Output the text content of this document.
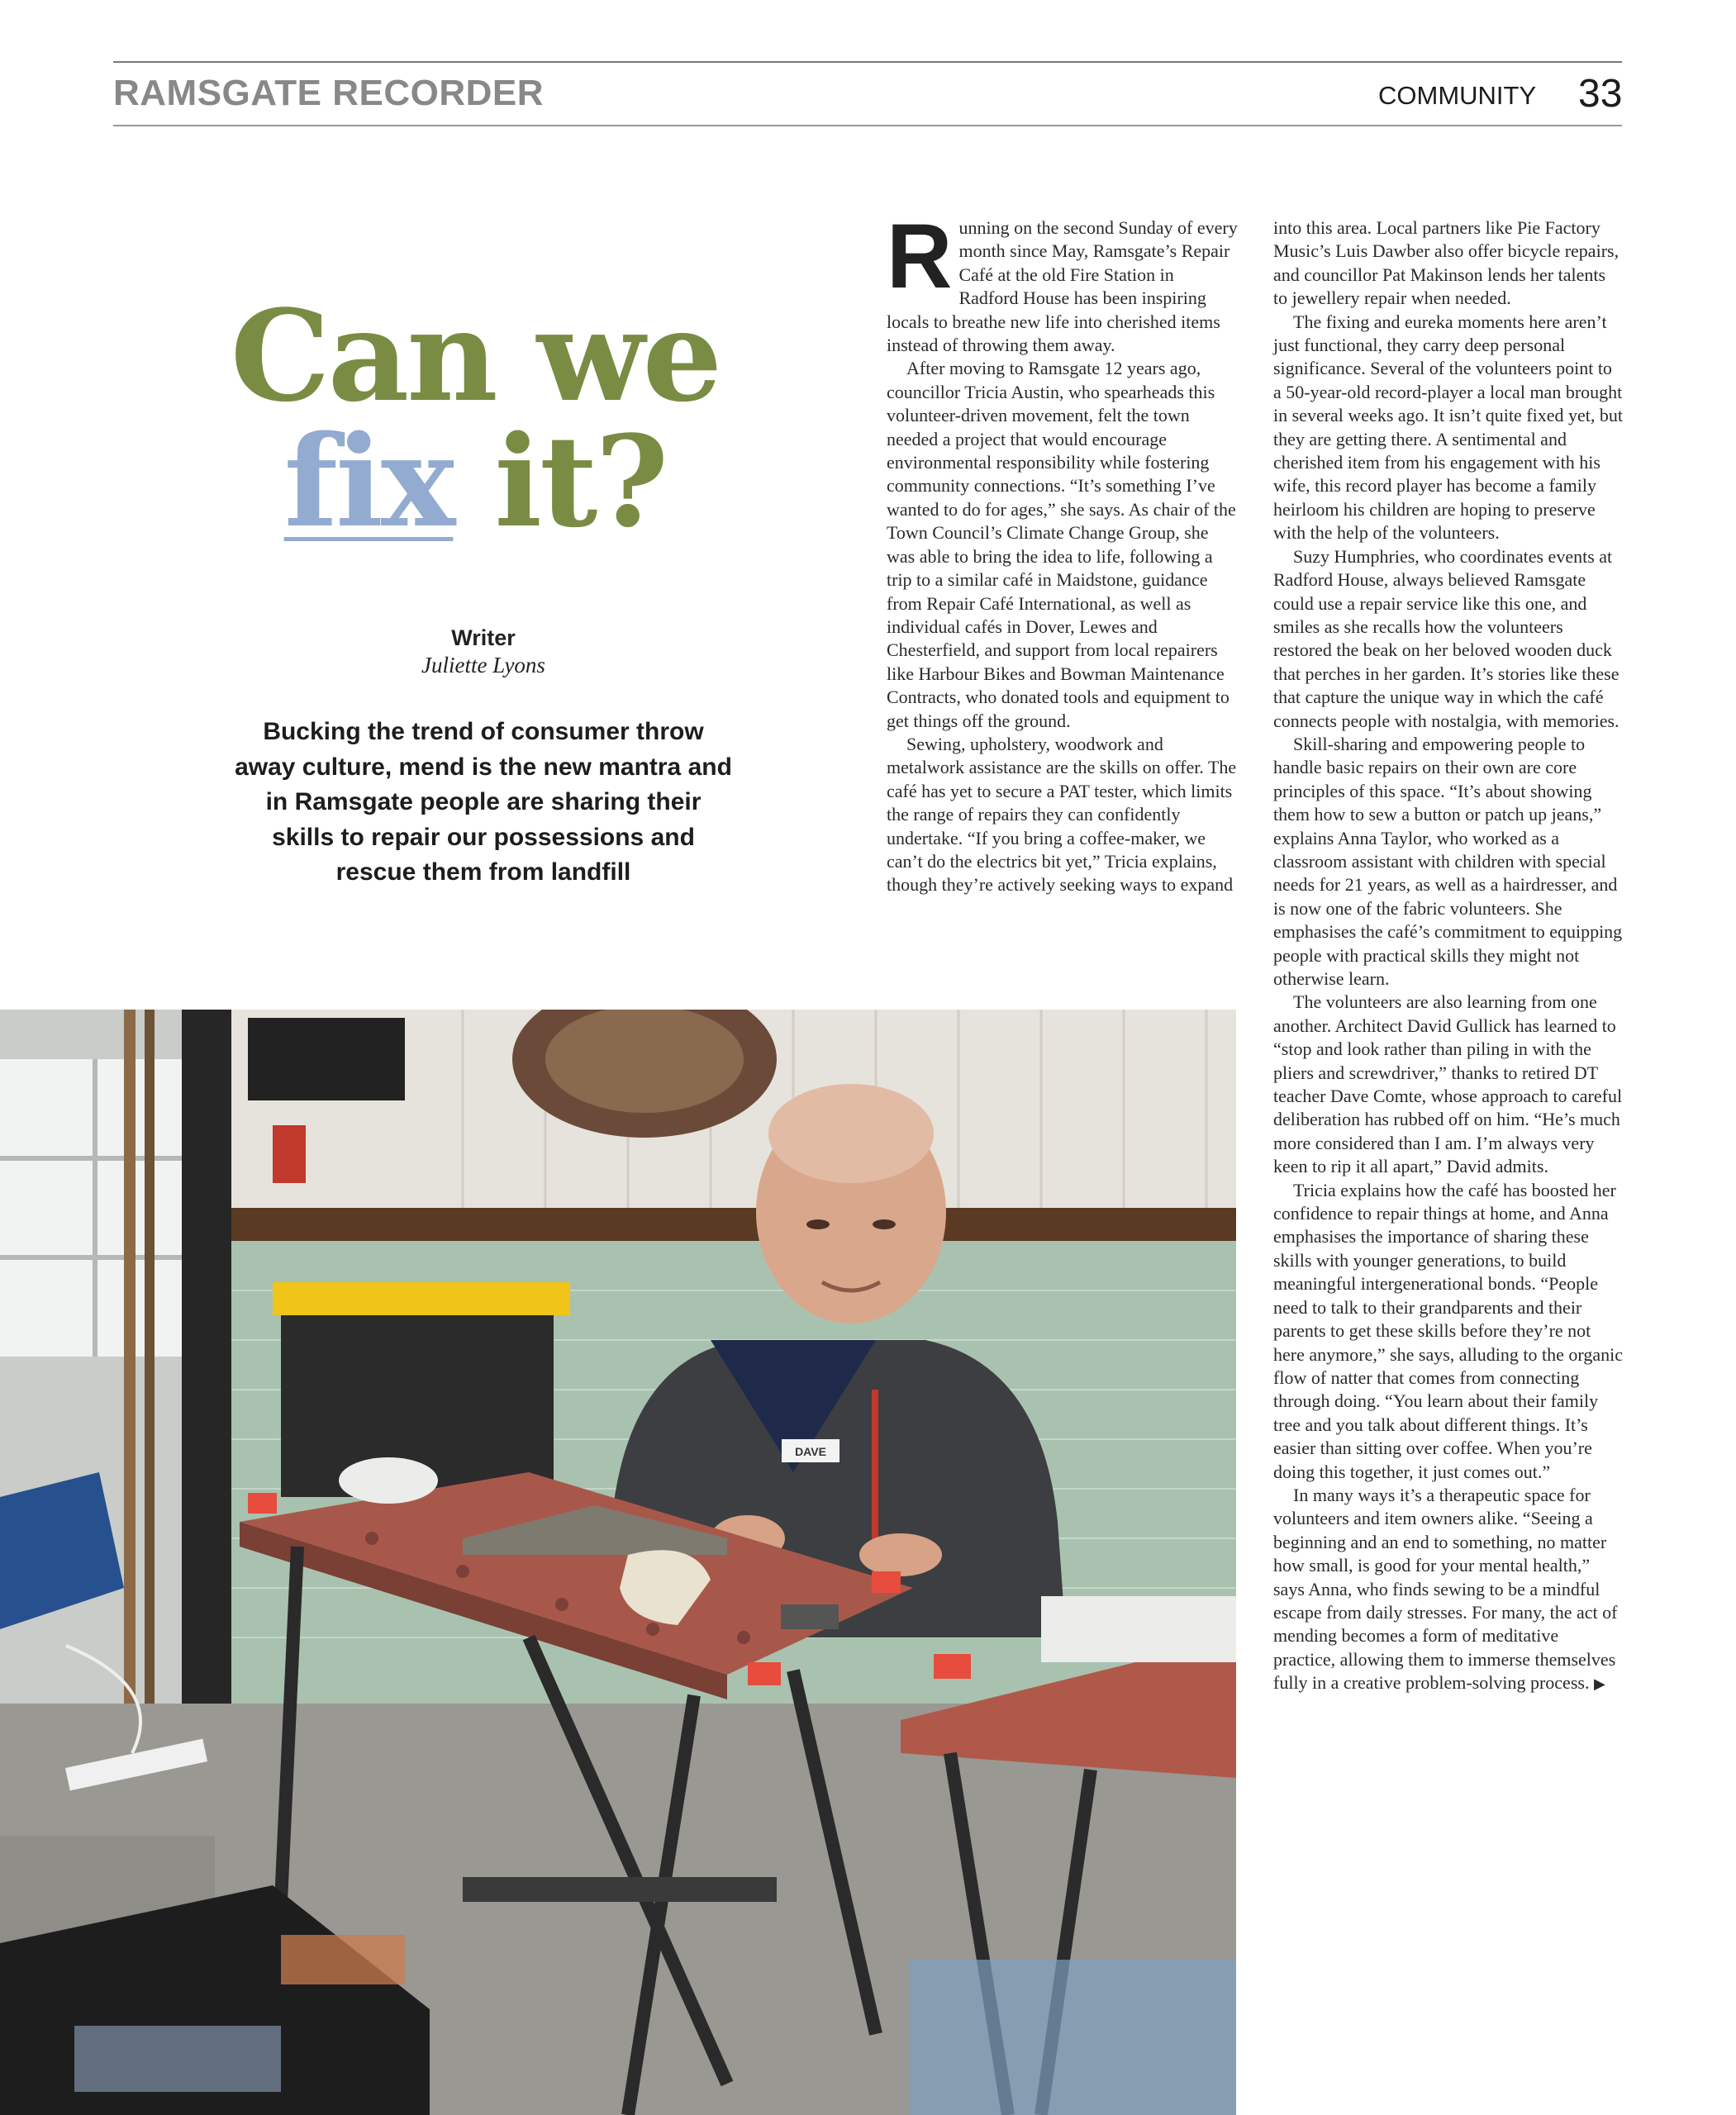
RAMSGATE RECORDER	COMMUNITY 33
Can we
fix it?
Writer
Juliette Lyons
Bucking the trend of consumer throw away culture, mend is the new mantra and in Ramsgate people are sharing their skills to repair our possessions and rescue them from landfill

Running on the second Sunday of every month since May, Ramsgate’s Repair Café at the old Fire Station in Radford House has been inspiring locals to breathe new life into cherished items instead of throwing them away.

After moving to Ramsgate 12 years ago, councillor Tricia Austin, who spearheads this volunteer-driven movement, felt the town needed a project that would encourage environmental responsibility while fostering community connections. “It’s something I’ve wanted to do for ages,” she says. As chair of the Town Council’s Climate Change Group, she was able to bring the idea to life, following a trip to a similar café in Maidstone, guidance from Repair Café International, as well as individual cafés in Dover, Lewes and Chesterfield, and support from local repairers like Harbour Bikes and Bowman Maintenance Contracts, who donated tools and equipment to get things off the ground.

Sewing, upholstery, woodwork and metalwork assistance are the skills on offer. The café has yet to secure a PAT tester, which limits the range of repairs they can confidently undertake. “If you bring a coffee-maker, we can’t do the electrics bit yet,” Tricia explains, though they’re actively seeking ways to expand

into this area. Local partners like Pie Factory Music’s Luis Dawber also offer bicycle repairs, and councillor Pat Makinson lends her talents to jewellery repair when needed.

The fixing and eureka moments here aren’t just functional, they carry deep personal significance. Several of the volunteers point to a 50-year-old record-player a local man brought in several weeks ago. It isn’t quite fixed yet, but they are getting there. A sentimental and cherished item from his engagement with his wife, this record player has become a family heirloom his children are hoping to preserve with the help of the volunteers.

Suzy Humphries, who coordinates events at Radford House, always believed Ramsgate could use a repair service like this one, and smiles as she recalls how the volunteers restored the beak on her beloved wooden duck that perches in her garden. It’s stories like these that capture the unique way in which the café connects people with nostalgia, with memories.

Skill-sharing and empowering people to handle basic repairs on their own are core principles of this space. “It’s about showing them how to sew a button or patch up jeans,” explains Anna Taylor, who worked as a classroom assistant with children with special needs for 21 years, as well as a hairdresser, and is now one of the fabric volunteers. She emphasises the café’s commitment to equipping people with practical skills they might not otherwise learn.

The volunteers are also learning from one another. Architect David Gullick has learned to “stop and look rather than piling in with the pliers and screwdriver,” thanks to retired DT teacher Dave Comte, whose approach to careful deliberation has rubbed off on him. “He’s much more considered than I am. I’m always very keen to rip it all apart,” David admits.

Tricia explains how the café has boosted her confidence to repair things at home, and Anna emphasises the importance of sharing these skills with younger generations, to build meaningful intergenerational bonds. “People need to talk to their grandparents and their parents to get these skills before they’re not here anymore,” she says, alluding to the organic flow of natter that comes from connecting through doing. “You learn about their family tree and you talk about different things. It’s easier than sitting over coffee. When you’re doing this together, it just comes out.”

In many ways it’s a therapeutic space for volunteers and item owners alike. “Seeing a beginning and an end to something, no matter how small, is good for your mental health,” says Anna, who finds sewing to be a mindful escape from daily stresses. For many, the act of mending becomes a form of meditative practice, allowing them to immerse themselves fully in a creative problem-solving process. ▶

DAVE
